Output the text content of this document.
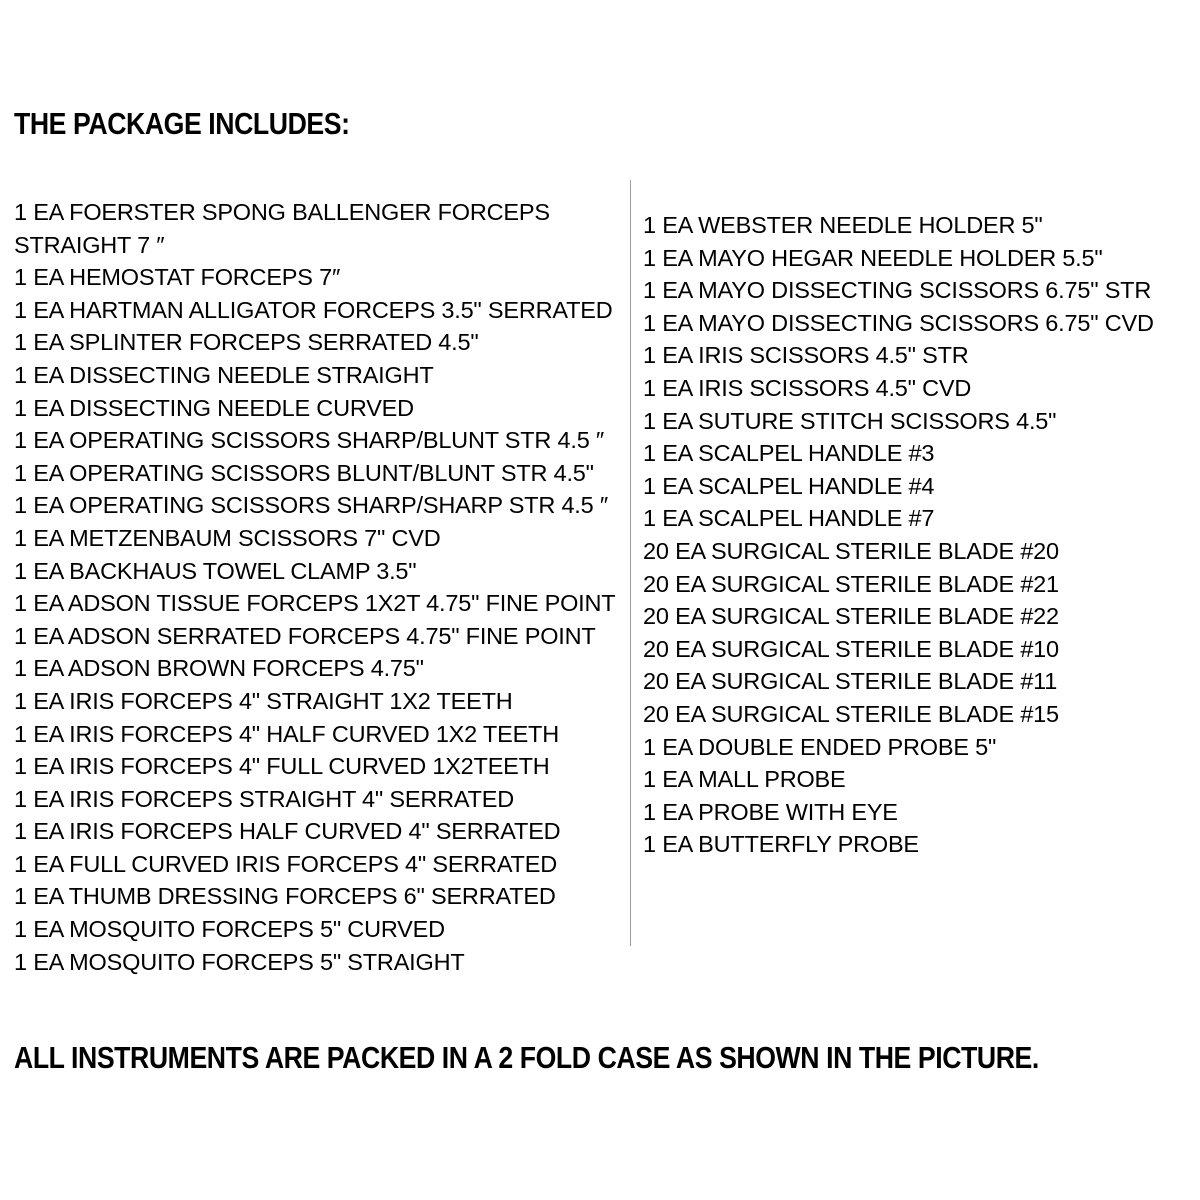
THE PACKAGE INCLUDES:
1 EA FOERSTER SPONG BALLENGER FORCEPS STRAIGHT 7 ″
1 EA HEMOSTAT FORCEPS 7″
1 EA HARTMAN ALLIGATOR FORCEPS 3.5" SERRATED
1 EA SPLINTER FORCEPS SERRATED 4.5"
1 EA DISSECTING NEEDLE STRAIGHT
1 EA DISSECTING NEEDLE CURVED
1 EA OPERATING SCISSORS SHARP/BLUNT STR 4.5 ″
1 EA OPERATING SCISSORS BLUNT/BLUNT STR 4.5"
1 EA OPERATING SCISSORS SHARP/SHARP STR 4.5 ″
1 EA METZENBAUM SCISSORS 7" CVD
1 EA BACKHAUS TOWEL CLAMP 3.5"
1 EA ADSON TISSUE FORCEPS 1X2T 4.75" FINE POINT
1 EA ADSON SERRATED FORCEPS 4.75" FINE POINT
1 EA ADSON BROWN FORCEPS 4.75"
1 EA IRIS FORCEPS 4" STRAIGHT 1X2 TEETH
1 EA IRIS FORCEPS 4" HALF CURVED 1X2 TEETH
1 EA IRIS FORCEPS 4" FULL CURVED 1X2TEETH
1 EA IRIS FORCEPS STRAIGHT 4" SERRATED
1 EA IRIS FORCEPS HALF CURVED 4" SERRATED
1 EA FULL CURVED IRIS FORCEPS 4" SERRATED
1 EA THUMB DRESSING FORCEPS 6" SERRATED
1 EA MOSQUITO FORCEPS 5" CURVED
1 EA MOSQUITO FORCEPS 5" STRAIGHT
1 EA WEBSTER NEEDLE HOLDER 5"
1 EA MAYO HEGAR NEEDLE HOLDER 5.5"
1 EA MAYO DISSECTING SCISSORS 6.75" STR
1 EA MAYO DISSECTING SCISSORS 6.75" CVD
1 EA IRIS SCISSORS 4.5" STR
1 EA IRIS SCISSORS 4.5" CVD
1 EA SUTURE STITCH SCISSORS 4.5"
1 EA SCALPEL HANDLE #3
1 EA SCALPEL HANDLE #4
1 EA SCALPEL HANDLE #7
20 EA SURGICAL STERILE BLADE #20
20 EA SURGICAL STERILE BLADE #21
20 EA SURGICAL STERILE BLADE #22
20 EA SURGICAL STERILE BLADE #10
20 EA SURGICAL STERILE BLADE #11
20 EA SURGICAL STERILE BLADE #15
1 EA DOUBLE ENDED PROBE 5"
1 EA MALL PROBE
1 EA PROBE WITH EYE
1 EA BUTTERFLY PROBE

ALL INSTRUMENTS ARE PACKED IN A 2 FOLD CASE AS SHOWN IN THE PICTURE.
